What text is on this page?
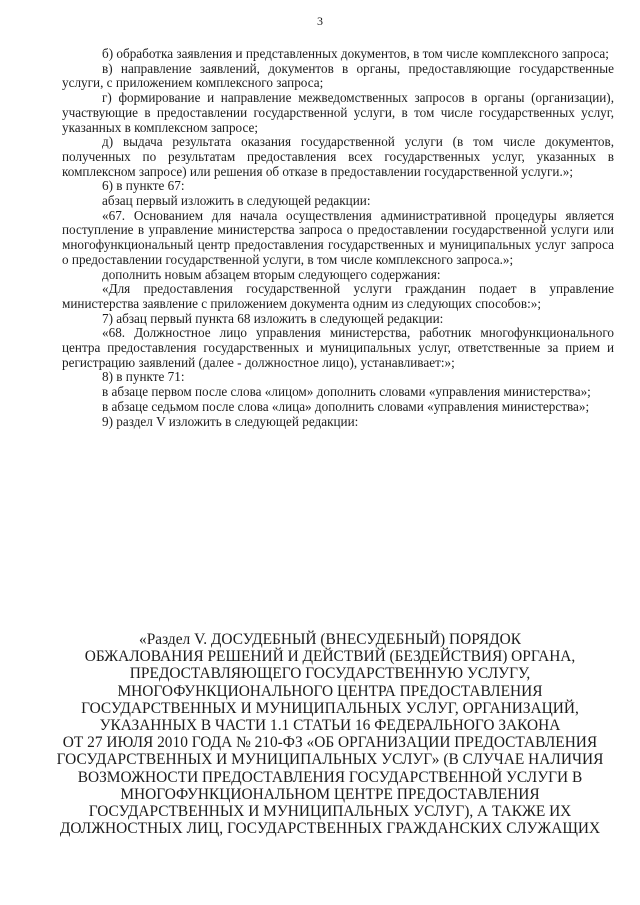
3

б) обработка заявления и представленных документов, в том числе комплексного запроса;

в) направление заявлений, документов в органы, предоставляющие государственные услуги, с приложением комплексного запроса;

г) формирование и направление межведомственных запросов в органы (организации), участвующие в предоставлении государственной услуги, в том числе государственных услуг, указанных в комплексном запросе;

д) выдача результата оказания государственной услуги (в том числе документов, полученных по результатам предоставления всех государственных услуг, указанных в комплексном запросе) или решения об отказе в предоставлении государственной услуги.»;

6) в пункте 67:

абзац первый изложить в следующей редакции:

«67. Основанием для начала осуществления административной процедуры является поступление в управление министерства запроса о предоставлении государственной услуги или многофункциональный центр предоставления государственных и муниципальных услуг запроса о предоставлении государственной услуги, в том числе комплексного запроса.»;

дополнить новым абзацем вторым следующего содержания:

«Для предоставления государственной услуги гражданин подает в управление министерства заявление с приложением документа одним из следующих способов:»;

7) абзац первый пункта 68 изложить в следующей редакции:

«68. Должностное лицо управления министерства, работник многофункционального центра предоставления государственных и муниципальных услуг, ответственные за прием и регистрацию заявлений (далее - должностное лицо), устанавливает:»;

8) в пункте 71:

в абзаце первом после слова «лицом» дополнить словами «управления министерства»;

в абзаце седьмом после слова «лица» дополнить словами «управления министерства»;

9) раздел V изложить в следующей редакции:

«Раздел V. ДОСУДЕБНЫЙ (ВНЕСУДЕБНЫЙ) ПОРЯДОК
ОБЖАЛОВАНИЯ РЕШЕНИЙ И ДЕЙСТВИЙ (БЕЗДЕЙСТВИЯ) ОРГАНА,
ПРЕДОСТАВЛЯЮЩЕГО ГОСУДАРСТВЕННУЮ УСЛУГУ,
МНОГОФУНКЦИОНАЛЬНОГО ЦЕНТРА ПРЕДОСТАВЛЕНИЯ
ГОСУДАРСТВЕННЫХ И МУНИЦИПАЛЬНЫХ УСЛУГ, ОРГАНИЗАЦИЙ,
УКАЗАННЫХ В ЧАСТИ 1.1 СТАТЬИ 16 ФЕДЕРАЛЬНОГО ЗАКОНА
ОТ 27 ИЮЛЯ 2010 ГОДА № 210-ФЗ «ОБ ОРГАНИЗАЦИИ ПРЕДОСТАВЛЕНИЯ
ГОСУДАРСТВЕННЫХ И МУНИЦИПАЛЬНЫХ УСЛУГ» (В СЛУЧАЕ НАЛИЧИЯ
ВОЗМОЖНОСТИ ПРЕДОСТАВЛЕНИЯ ГОСУДАРСТВЕННОЙ УСЛУГИ В
МНОГОФУНКЦИОНАЛЬНОМ ЦЕНТРЕ ПРЕДОСТАВЛЕНИЯ
ГОСУДАРСТВЕННЫХ И МУНИЦИПАЛЬНЫХ УСЛУГ), А ТАКЖЕ ИХ
ДОЛЖНОСТНЫХ ЛИЦ, ГОСУДАРСТВЕННЫХ ГРАЖДАНСКИХ СЛУЖАЩИХ
